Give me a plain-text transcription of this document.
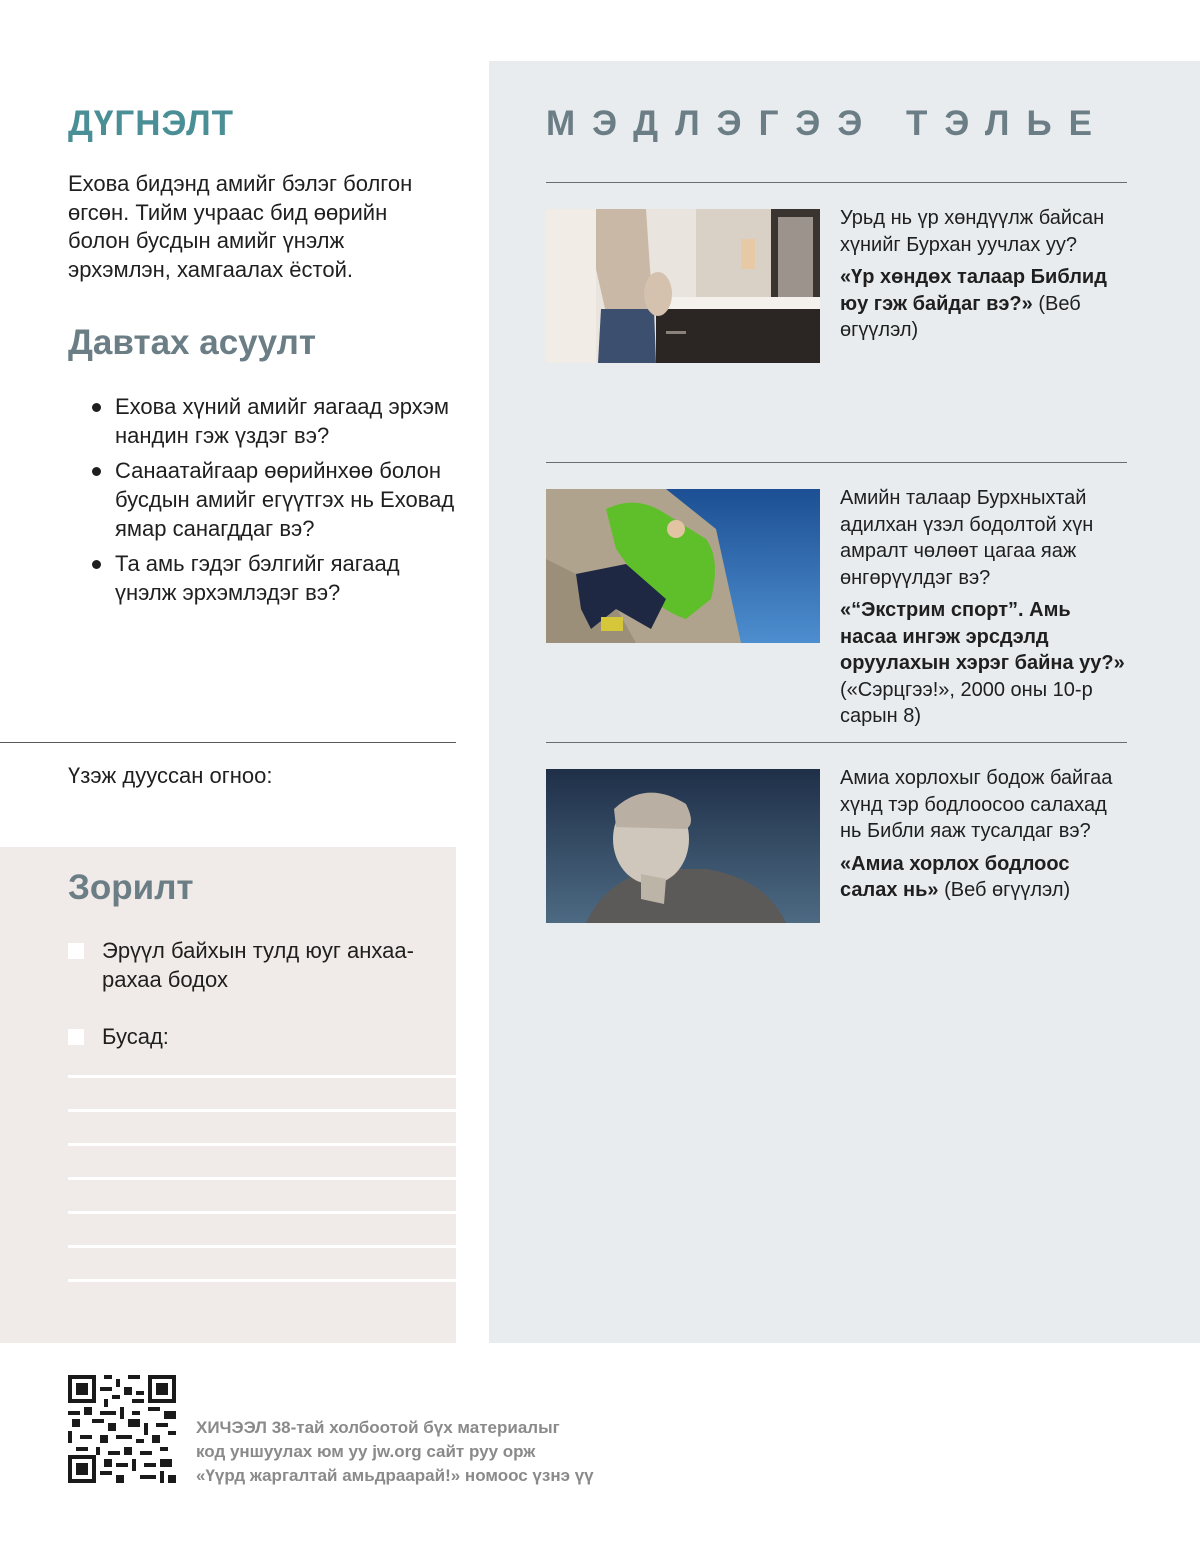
ДҮГНЭЛТ

Ехова бидэнд амийг бэлэг болгон өгсөн. Тийм учраас бид өөрийн болон бусдын амийг үнэлж эрхэмлэн, хамгаалах ёстой.

Давтах асуулт
Ехова хүний амийг яагаад эрхэм нандин гэж үздэг вэ?
Санаатайгаар өөрийнхөө болон бусдын амийг егүүтгэх нь Еховад ямар санагддаг вэ?
Та амь гэдэг бэлгийг яагаад үнэлж эрхэмлэдэг вэ?
Үзэж дууссан огноо:
Зорилт
Эрүүл байхын тулд юуг анхаарахаа бодох
Бусад:
МЭДЛЭГЭЭ ТЭЛЬЕ

Урьд нь үр хөндүүлж байсан хүнийг Бурхан уучлах уу?

«Үр хөндөх талаар Библид юу гэж байдаг вэ?» (Веб өгүүлэл)

Амийн талаар Бурхныхтай адилхан үзэл бодолтой хүн амралт чөлөөт цагаа яаж өнгөрүүлдэг вэ?

«“Экстрим спорт”. Амь насаа ингэж эрсдэлд оруулахын хэрэг байна уу?» («Сэрцгээ!», 2000 оны 10-р сарын 8)

Амиа хорлохыг бодож байгаа хүнд тэр бодлоосоо салахад нь Библи яаж тусалдаг вэ?

«Амиа хорлох бодлоос салах нь» (Веб өгүүлэл)

ХИЧЭЭЛ 38-тай холбоотой бүх материалыг
код уншуулах юм уу jw.org сайт руу орж
«Үүрд жаргалтай амьдраарай!» номоос үзнэ үү
